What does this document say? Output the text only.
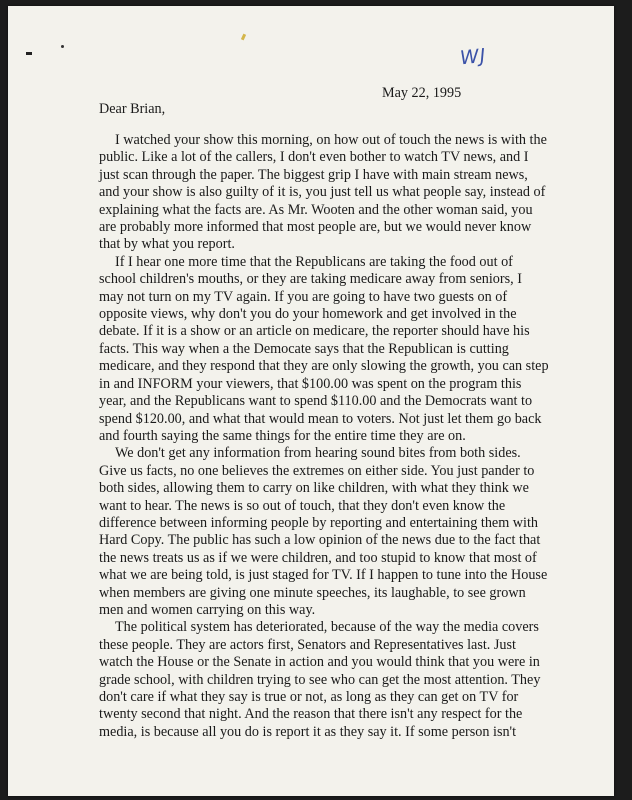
WJ
May 22, 1995
Dear Brian,

I watched your show this morning, on how out of touch the news is with the public. Like a lot of the callers, I don't even bother to watch TV news, and I just scan through the paper. The biggest grip I have with main stream news, and your show is also guilty of it is, you just tell us what people say, instead of explaining what the facts are. As Mr. Wooten and the other woman said, you are probably more informed that most people are, but we would never know that by what you report.

If I hear one more time that the Republicans are taking the food out of school children's mouths, or they are taking medicare away from seniors, I may not turn on my TV again. If you are going to have two guests on of opposite views, why don't you do your homework and get involved in the debate. If it is a show or an article on medicare, the reporter should have his facts. This way when a the Democate says that the Republican is cutting medicare, and they respond that they are only slowing the growth, you can step in and INFORM your viewers, that $100.00 was spent on the program this year, and the Republicans want to spend $110.00 and the Democrats want to spend $120.00, and what that would mean to voters. Not just let them go back and fourth saying the same things for the entire time they are on.

We don't get any information from hearing sound bites from both sides. Give us facts, no one believes the extremes on either side. You just pander to both sides, allowing them to carry on like children, with what they think we want to hear. The news is so out of touch, that they don't even know the difference between informing people by reporting and entertaining them with Hard Copy. The public has such a low opinion of the news due to the fact that the news treats us as if we were children, and too stupid to know that most of what we are being told, is just staged for TV. If I happen to tune into the House when members are giving one minute speeches, its laughable, to see grown men and women carrying on this way.

The political system has deteriorated, because of the way the media covers these people. They are actors first, Senators and Representatives last. Just watch the House or the Senate in action and you would think that you were in grade school, with children trying to see who can get the most attention. They don't care if what they say is true or not, as long as they can get on TV for twenty second that night. And the reason that there isn't any respect for the media, is because all you do is report it as they say it. If some person isn't
